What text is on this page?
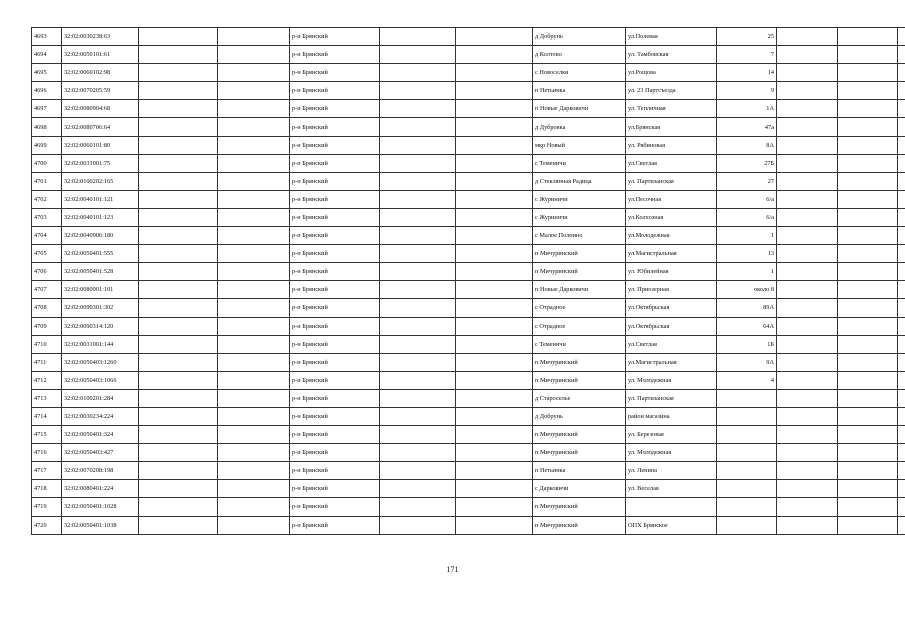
4693	32:02:0030238:63			р-н Брянский			д Добрунь	ул.Полевая	25			
4694	32:02:0050101:61			р-н Брянский			д Колтово	ул. Тамбовская	7			
4695	32:02:0060102:98			р-н Брянский			с Новоселки	ул.Рощова	14			
4696	32:02:0070205:59			р-н Брянский			п Нетьинка	ул. 23 Партсъезда	9			
4697	32:02:0080904:68			р-н Брянский			п Новые Дарковичи	ул. Тепличная	1А			
4698	32:02:0080706:64			р-н Брянский			д Дубровка	ул.Брянская	47а			
4699	32:02:0060101:80			р-н Брянский			мкр Новый	ул. Рябиновая	8А			
4700	32:02:0031001:75			р-н Брянский			с Теменичи	ул.Светлая	27Б			
4701	32:02:0100202:165			р-н Брянский			д Стеклянная Радица	ул. Партизанская	27			
4702	32:02:0040101:121			р-н Брянский			с Журиничи	ул.Песочная	6/а			
4703	32:02:0040101:123			р-н Брянский			с Журиничи	ул.Колхозная	6/а			
4704	32:02:0040906:180			р-н Брянский			с Малое Полпино	ул.Молодежная	1			
4705	32:02:0050401:555			р-н Брянский			п Мичуринский	ул.Магистральная	13			
4706	32:02:0050401:528			р-н Брянский			п Мичуринский	ул. Юбилейная	1			
4707	32:02:0080901:101			р-н Брянский			п Новые Дарковичи	ул. Приозерная	около 8			
4708	32:02:0090301:302			р-н Брянский			с Отрадное	ул.Октябрьская	89А			
4709	32:02:0090314:120			р-н Брянский			с Отрадное	ул.Октябрьская	64А			
4710	32:02:0031001:144			р-н Брянский			с Теменичи	ул.Светлая	1Б			
4711	32:02:0050403:1260			р-н Брянский			п Мичуринский	ул.Магистральная	9А			
4712	32:02:0050403:1066			р-н Брянский			п Мичуринский	ул. Молодежная	4			
4713	32:02:0100201:284			р-н Брянский			д Староселье	ул. Партизанская				
4714	32:02:0030234:224			р-н Брянский			д Добрунь	район магазина				
4715	32:02:0050401:324			р-н Брянский			п Мичуринский	ул. Березовая				
4716	32:02:0050403:427			р-н Брянский			п Мичуринский	ул. Молодежная				
4717	32:02:0070208:198			р-н Брянский			п Нетьинка	ул. Ленина				
4718	32:02:0080401:224			р-н Брянский			с Дарковичи	ул. Веселая				
4719	32:02:0050401:1028			р-н Брянский			п Мичуринский					
4720	32:02:0050401:1038			р-н Брянский			п Мичуринский	ОПХ Брянское				
171
